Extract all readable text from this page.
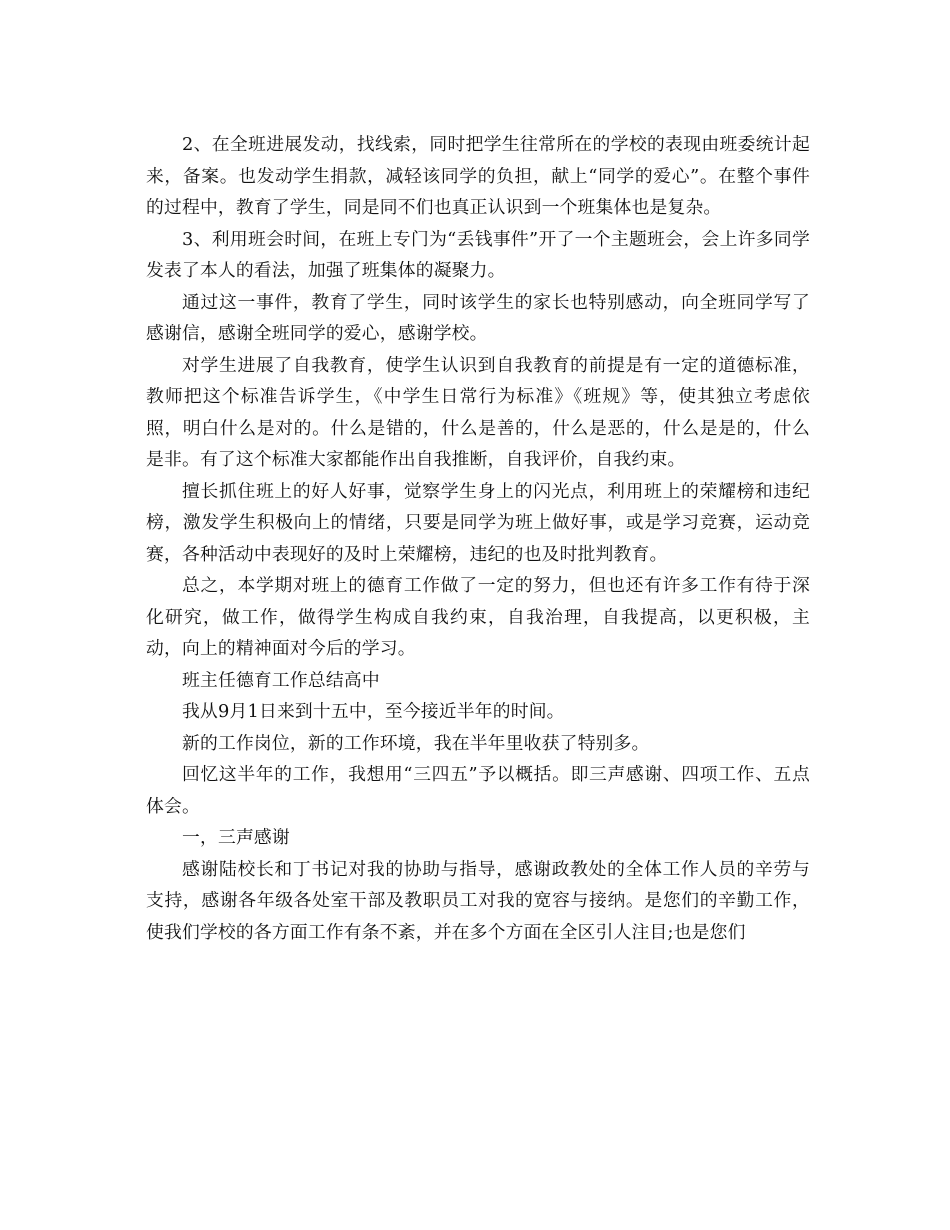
2、在全班进展发动，找线索，同时把学生往常所在的学校的表现由班委统计起来，备案。也发动学生捐款，减轻该同学的负担，献上“同学的爱心”。在整个事件的过程中，教育了学生，同是同不们也真正认识到一个班集体也是复杂。

3、利用班会时间，在班上专门为“丢钱事件”开了一个主题班会，会上许多同学发表了本人的看法，加强了班集体的凝聚力。

通过这一事件，教育了学生，同时该学生的家长也特别感动，向全班同学写了感谢信，感谢全班同学的爱心，感谢学校。

对学生进展了自我教育，使学生认识到自我教育的前提是有一定的道德标准，教师把这个标准告诉学生，《中学生日常行为标准》《班规》等，使其独立考虑依照，明白什么是对的。什么是错的，什么是善的，什么是恶的，什么是是的，什么是非。有了这个标准大家都能作出自我推断，自我评价，自我约束。

擅长抓住班上的好人好事，觉察学生身上的闪光点，利用班上的荣耀榜和违纪榜，激发学生积极向上的情绪，只要是同学为班上做好事，或是学习竞赛，运动竞赛，各种活动中表现好的及时上荣耀榜，违纪的也及时批判教育。

总之，本学期对班上的德育工作做了一定的努力，但也还有许多工作有待于深化研究，做工作，做得学生构成自我约束，自我治理，自我提高，以更积极，主动，向上的精神面对今后的学习。

班主任德育工作总结高中

我从9月1日来到十五中，至今接近半年的时间。

新的工作岗位，新的工作环境，我在半年里收获了特别多。

回忆这半年的工作，我想用“三四五”予以概括。即三声感谢、四项工作、五点体会。

一，三声感谢

感谢陆校长和丁书记对我的协助与指导，感谢政教处的全体工作人员的辛劳与支持，感谢各年级各处室干部及教职员工对我的宽容与接纳。是您们的辛勤工作，使我们学校的各方面工作有条不紊，并在多个方面在全区引人注目;也是您们
